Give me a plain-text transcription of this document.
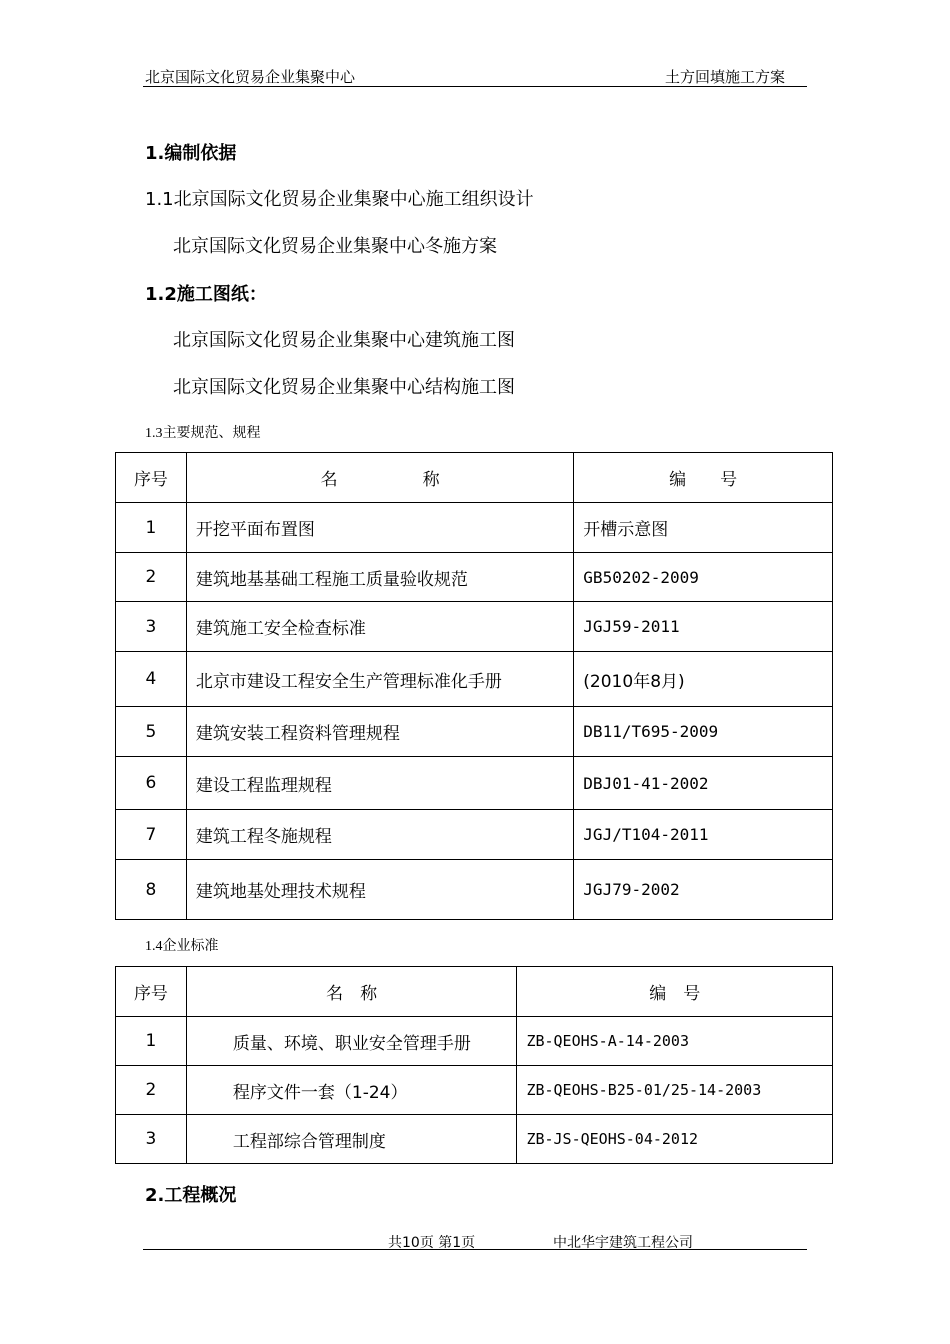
北京国际文化贸易企业集聚中心	土方回填施工方案
1.编制依据
1.1北京国际文化贸易企业集聚中心施工组织设计
北京国际文化贸易企业集聚中心冬施方案
1.2施工图纸：
北京国际文化贸易企业集聚中心建筑施工图
北京国际文化贸易企业集聚中心结构施工图
1.3主要规范、规程
序号	名　　　　　称	编　　号
1	开挖平面布置图	开槽示意图
2	建筑地基基础工程施工质量验收规范	GB50202-2009
3	建筑施工安全检查标准	JGJ59-2011
4	北京市建设工程安全生产管理标准化手册	(2010年8月)
5	建筑安装工程资料管理规程	DB11/T695-2009
6	建设工程监理规程	DBJ01-41-2002
7	建筑工程冬施规程	JGJ/T104-2011
8	建筑地基处理技术规程	JGJ79-2002
1.4企业标准
序号	名　称	编　号
1	质量、环境、职业安全管理手册	ZB-QEOHS-A-14-2003
2	程序文件一套（1-24）	ZB-QEOHS-B25-01/25-14-2003
3	工程部综合管理制度	ZB-JS-QEOHS-04-2012
2.工程概况
共10页 第1页	中北华宇建筑工程公司
